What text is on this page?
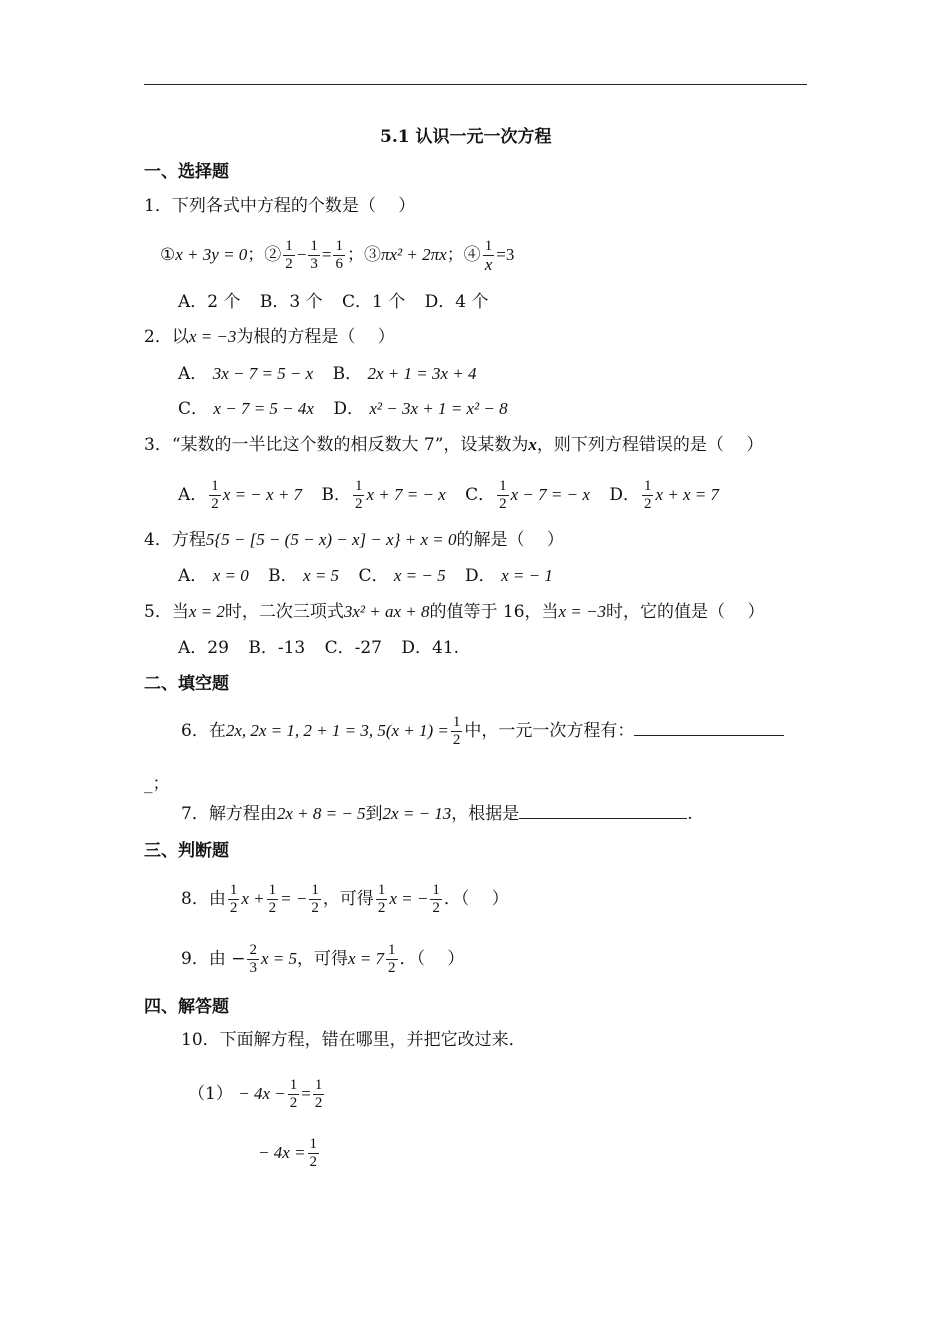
5.1 认识一元一次方程
一、选择题
1．下列各式中方程的个数是（　 ）
①x + 3y = 0；② $\frac{1}{2} - \frac{1}{3} = \frac{1}{6}$ ；③πx² + 2πx；④ $\frac{1}{x} =3$
A．2 个 B．3 个 C．1 个 D．4 个
2．以x = −3为根的方程是（　 ）
A． 3x − 7 = 5 − x B． 2x + 1 = 3x + 4
C． x − 7 = 5 − 4x D． x² − 3x + 1 = x² − 8
3．“某数的一半比这个数的相反数大 7”，设某数为x，则下列方程错误的是（　 ）
A． $\frac{1}{2}$ x = − x + 7 B． $\frac{1}{2}$ x + 7 = − x C． $\frac{1}{2}$ x − 7 = − x D． $\frac{1}{2}$ x + x = 7
4．方程5{5 − [5 − (5 − x) − x] − x} + x = 0的解是（　 ）
A． x = 0 B． x = 5 C． x = − 5 D． x = − 1
5．当x = 2时，二次三项式3x² + ax + 8的值等于 16，当x = −3时，它的值是（　 ）
A．29 B．-13 C．-27 D．41.
二、填空题
6．在2x, 2x = 1, 2 + 1 = 3, $5(x + 1) = \frac{1}{2}$ 中，一元一次方程有：
_；
7．解方程由2x + 8 = − 5到2x = − 13，根据是	.
三、判断题
8．由 $\frac{1}{2}$ $x + \frac{1}{2}$ = − $\frac{1}{2}$ ，可得 $\frac{1}{2}$ x = − $\frac{1}{2}$ ．（　 ）
9．由 − $\frac{2}{3}$ x = 5，可得$x = 7 \frac{1}{2}$ ．（　 ）
四、解答题
10．下面解方程，错在哪里，并把它改过来．
$(1) - 4x - \frac{1}{2} = \frac{1}{2}$
− $4x = \frac{1}{2}$
